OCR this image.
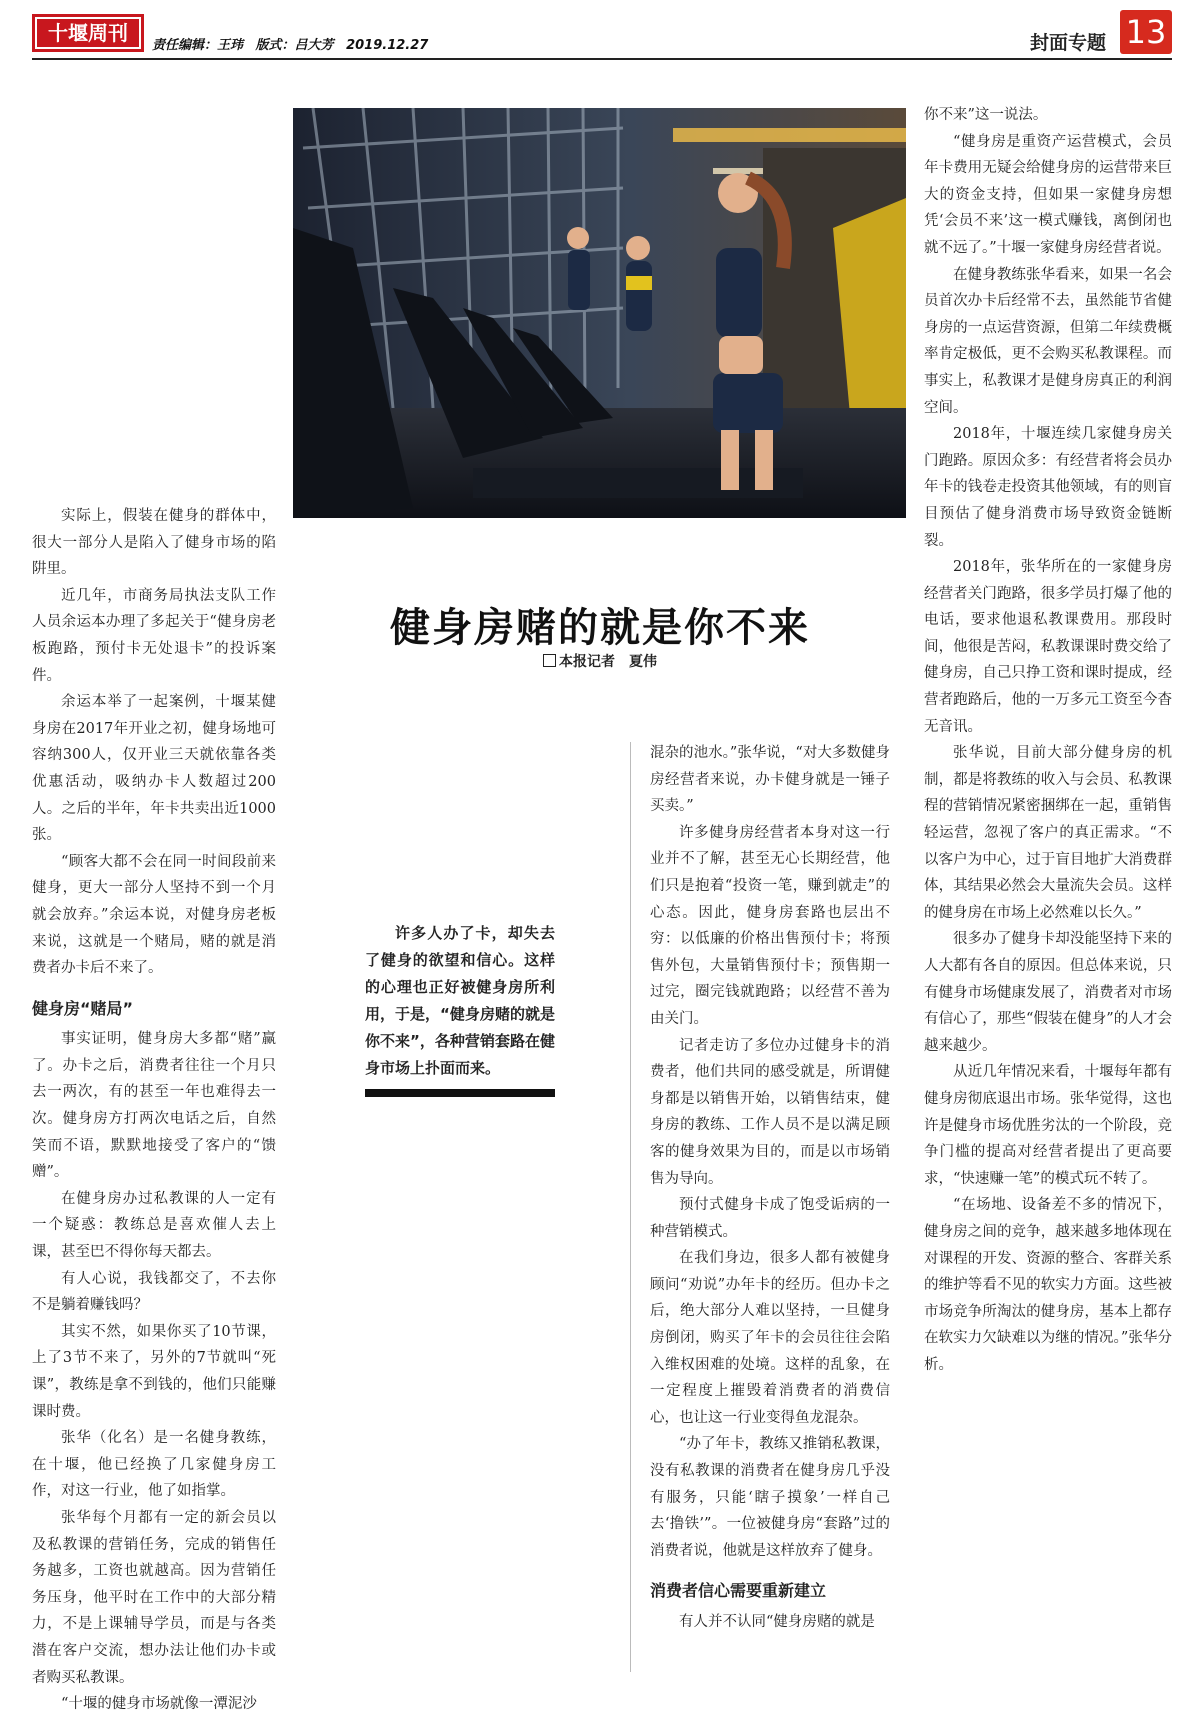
十堰周刊
责任编辑：王玮 版式：吕大芳 2019.12.27	封面专题 13
健身房赌的就是你不来
本报记者　夏伟
许多人办了卡，却失去了健身的欲望和信心。这样的心理也正好被健身房所利用，于是，“健身房赌的就是你不来”，各种营销套路在健身市场上扑面而来。

实际上，假装在健身的群体中，很大一部分人是陷入了健身市场的陷阱里。

近几年，市商务局执法支队工作人员余运本办理了多起关于“健身房老板跑路，预付卡无处退卡”的投诉案件。

余运本举了一起案例，十堰某健身房在2017年开业之初，健身场地可容纳300人，仅开业三天就依靠各类优惠活动，吸纳办卡人数超过200人。之后的半年，年卡共卖出近1000张。

“顾客大都不会在同一时间段前来健身，更大一部分人坚持不到一个月就会放弃。”余运本说，对健身房老板来说，这就是一个赌局，赌的就是消费者办卡后不来了。

健身房“赌局”

事实证明，健身房大多都“赌”赢了。办卡之后，消费者往往一个月只去一两次，有的甚至一年也难得去一次。健身房方打两次电话之后，自然笑而不语，默默地接受了客户的“馈赠”。

在健身房办过私教课的人一定有一个疑惑：教练总是喜欢催人去上课，甚至巴不得你每天都去。

有人心说，我钱都交了，不去你不是躺着赚钱吗？

其实不然，如果你买了10节课，上了3节不来了，另外的7节就叫“死课”，教练是拿不到钱的，他们只能赚课时费。

张华（化名）是一名健身教练，在十堰，他已经换了几家健身房工作，对这一行业，他了如指掌。

张华每个月都有一定的新会员以及私教课的营销任务，完成的销售任务越多，工资也就越高。因为营销任务压身，他平时在工作中的大部分精力，不是上课辅导学员，而是与各类潜在客户交流，想办法让他们办卡或者购买私教课。

“十堰的健身市场就像一潭泥沙

混杂的池水。”张华说，“对大多数健身房经营者来说，办卡健身就是一锤子买卖。”

许多健身房经营者本身对这一行业并不了解，甚至无心长期经营，他们只是抱着“投资一笔，赚到就走”的心态。因此，健身房套路也层出不穷：以低廉的价格出售预付卡；将预售外包，大量销售预付卡；预售期一过完，圈完钱就跑路；以经营不善为由关门。

记者走访了多位办过健身卡的消费者，他们共同的感受就是，所谓健身都是以销售开始，以销售结束，健身房的教练、工作人员不是以满足顾客的健身效果为目的，而是以市场销售为导向。

预付式健身卡成了饱受诟病的一种营销模式。

在我们身边，很多人都有被健身顾问“劝说”办年卡的经历。但办卡之后，绝大部分人难以坚持，一旦健身房倒闭，购买了年卡的会员往往会陷入维权困难的处境。这样的乱象，在一定程度上摧毁着消费者的消费信心，也让这一行业变得鱼龙混杂。

“办了年卡，教练又推销私教课，没有私教课的消费者在健身房几乎没有服务，只能‘瞎子摸象’一样自己去‘撸铁’”。一位被健身房“套路”过的消费者说，他就是这样放弃了健身。

消费者信心需要重新建立

有人并不认同“健身房赌的就是

你不来”这一说法。

“健身房是重资产运营模式，会员年卡费用无疑会给健身房的运营带来巨大的资金支持，但如果一家健身房想凭‘会员不来’这一模式赚钱，离倒闭也就不远了。”十堰一家健身房经营者说。

在健身教练张华看来，如果一名会员首次办卡后经常不去，虽然能节省健身房的一点运营资源，但第二年续费概率肯定极低，更不会购买私教课程。而事实上，私教课才是健身房真正的利润空间。

2018年，十堰连续几家健身房关门跑路。原因众多：有经营者将会员办年卡的钱卷走投资其他领域，有的则盲目预估了健身消费市场导致资金链断裂。

2018年，张华所在的一家健身房经营者关门跑路，很多学员打爆了他的电话，要求他退私教课费用。那段时间，他很是苦闷，私教课课时费交给了健身房，自己只挣工资和课时提成，经营者跑路后，他的一万多元工资至今杳无音讯。

张华说，目前大部分健身房的机制，都是将教练的收入与会员、私教课程的营销情况紧密捆绑在一起，重销售轻运营，忽视了客户的真正需求。“不以客户为中心，过于盲目地扩大消费群体，其结果必然会大量流失会员。这样的健身房在市场上必然难以长久。”

很多办了健身卡却没能坚持下来的人大都有各自的原因。但总体来说，只有健身市场健康发展了，消费者对市场有信心了，那些“假装在健身”的人才会越来越少。

从近几年情况来看，十堰每年都有健身房彻底退出市场。张华觉得，这也许是健身市场优胜劣汰的一个阶段，竞争门槛的提高对经营者提出了更高要求，“快速赚一笔”的模式玩不转了。

“在场地、设备差不多的情况下，健身房之间的竞争，越来越多地体现在对课程的开发、资源的整合、客群关系的维护等看不见的软实力方面。这些被市场竞争所淘汰的健身房，基本上都存在软实力欠缺难以为继的情况。”张华分析。
